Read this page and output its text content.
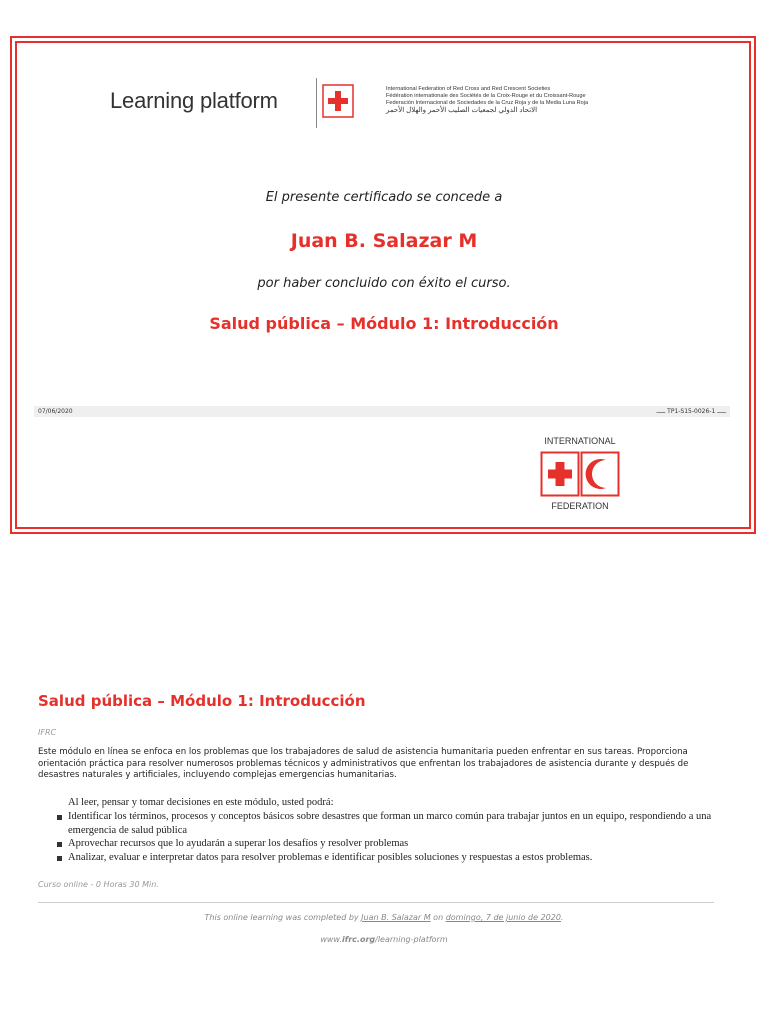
Learning platform	International Federation of Red Cross and Red Crescent Societies
Fédération internationale des Sociétés de la Croix-Rouge et du Croissant-Rouge
Federación Internacional de Sociedades de la Cruz Roja y de la Media Luna Roja
الاتحاد الدولي لجمعيات الصليب الأحمر والهلال الأحمر
El presente certificado se concede a
Juan B. Salazar M
por haber concluido con éxito el curso.
Salud pública – Módulo 1: Introducción
07/06/2020	ـــــ TP1-S15-0026-1 ـــــ
INTERNATIONAL
FEDERATION
Salud pública – Módulo 1: Introducción
IFRC
Este módulo en línea se enfoca en los problemas que los trabajadores de salud de asistencia humanitaria pueden enfrentar en sus tareas. Proporciona orientación práctica para resolver numerosos problemas técnicos y administrativos que enfrentan los trabajadores de asistencia durante y después de desastres naturales y artificiales, incluyendo complejas emergencias humanitarias.
Al leer, pensar y tomar decisiones en este módulo, usted podrá:
Identificar los términos, procesos y conceptos básicos sobre desastres que forman un marco común para trabajar juntos en un equipo, respondiendo a una emergencia de salud pública
Aprovechar recursos que lo ayudarán a superar los desafíos y resolver problemas
Analizar, evaluar e interpretar datos para resolver problemas e identificar posibles soluciones y respuestas a estos problemas.
Curso online - 0 Horas 30 Min.
This online learning was completed by Juan B. Salazar M on domingo, 7 de junio de 2020.
www.ifrc.org/learning-platform
